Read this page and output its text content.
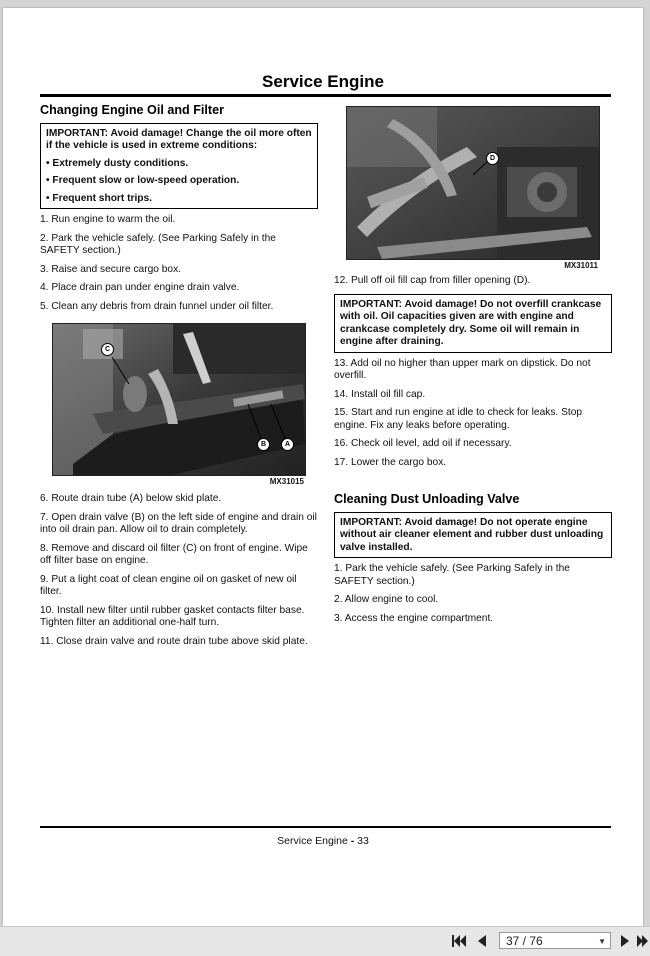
Service Engine
Changing Engine Oil and Filter
IMPORTANT: Avoid damage! Change the oil more often if the vehicle is used in extreme conditions:
• Extremely dusty conditions.
• Frequent slow or low-speed operation.
• Frequent short trips.

1. Run engine to warm the oil.

2. Park the vehicle safely. (See Parking Safely in the SAFETY section.)

3. Raise and secure cargo box.

4. Place drain pan under engine drain valve.

5. Clean any debris from drain funnel under oil filter.

C
B	A
MX31015

6. Route drain tube (A) below skid plate.

7. Open drain valve (B) on the left side of engine and drain oil into oil drain pan. Allow oil to drain completely.

8. Remove and discard oil filter (C) on front of engine. Wipe off filter base on engine.

9. Put a light coat of clean engine oil on gasket of new oil filter.

10. Install new filter until rubber gasket contacts filter base. Tighten filter an additional one-half turn.

11. Close drain valve and route drain tube above skid plate.

D
MX31011

12. Pull off oil fill cap from filler opening (D).

IMPORTANT: Avoid damage! Do not overfill crankcase with oil. Oil capacities given are with engine and crankcase completely dry. Some oil will remain in engine after draining.

13. Add oil no higher than upper mark on dipstick. Do not overfill.

14. Install oil fill cap.

15. Start and run engine at idle to check for leaks. Stop engine. Fix any leaks before operating.

16. Check oil level, add oil if necessary.

17. Lower the cargo box.

Cleaning Dust Unloading Valve
IMPORTANT: Avoid damage! Do not operate engine without air cleaner element and rubber dust unloading valve installed.

1. Park the vehicle safely. (See Parking Safely in the SAFETY section.)

2. Allow engine to cool.

3. Access the engine compartment.

Service Engine - 33
37 / 76	▼
